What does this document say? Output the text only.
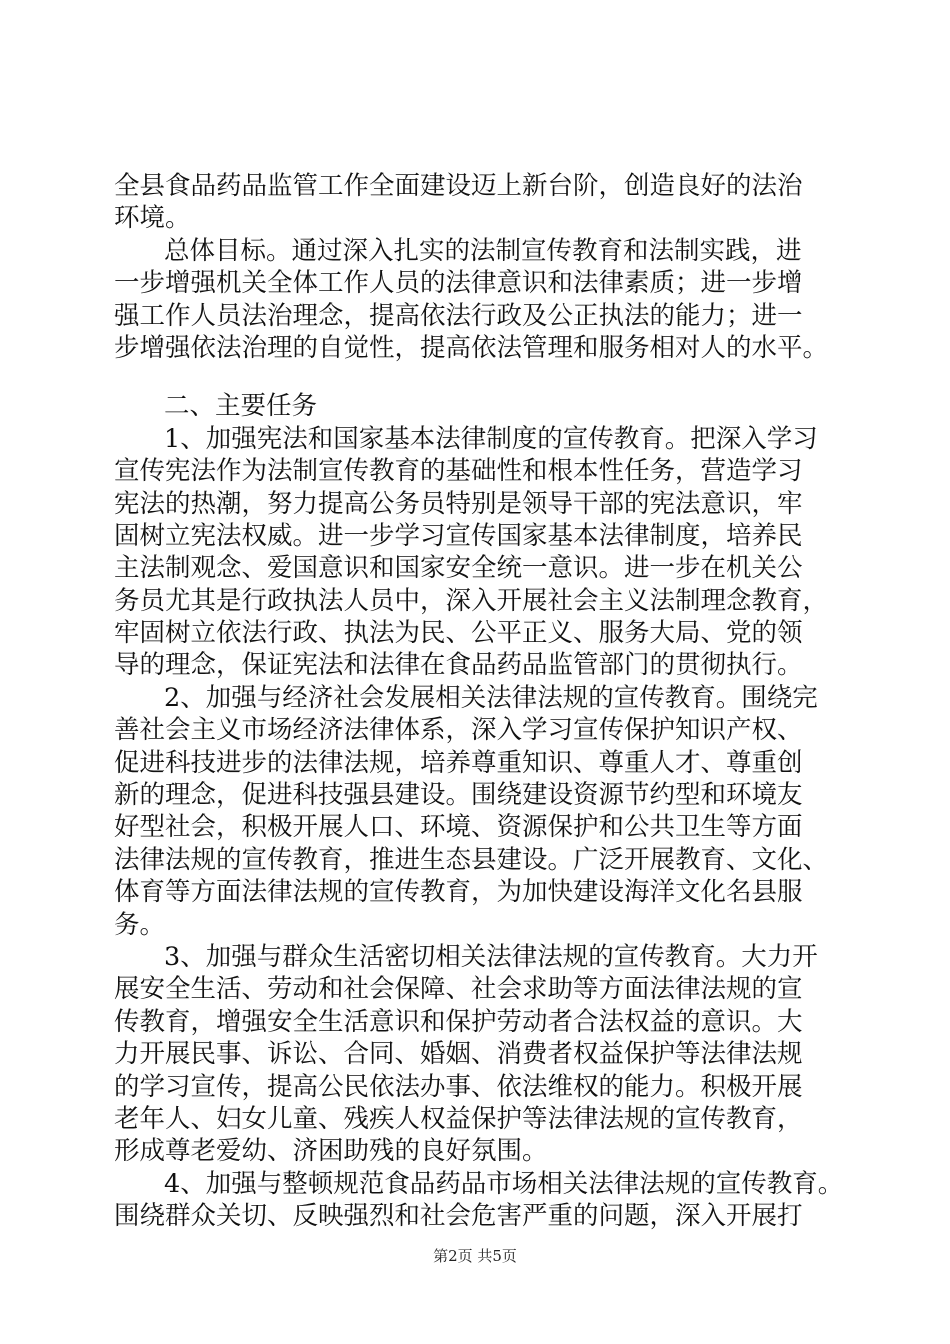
全县食品药品监管工作全面建设迈上新台阶，创造良好的法治
环境。
总体目标。通过深入扎实的法制宣传教育和法制实践，进
一步增强机关全体工作人员的法律意识和法律素质；进一步增
强工作人员法治理念，提高依法行政及公正执法的能力；进一
步增强依法治理的自觉性，提高依法管理和服务相对人的水平。
二、主要任务
1、加强宪法和国家基本法律制度的宣传教育。把深入学习
宣传宪法作为法制宣传教育的基础性和根本性任务，营造学习
宪法的热潮，努力提高公务员特别是领导干部的宪法意识，牢
固树立宪法权威。进一步学习宣传国家基本法律制度，培养民
主法制观念、爱国意识和国家安全统一意识。进一步在机关公
务员尤其是行政执法人员中，深入开展社会主义法制理念教育，
牢固树立依法行政、执法为民、公平正义、服务大局、党的领
导的理念，保证宪法和法律在食品药品监管部门的贯彻执行。
2、加强与经济社会发展相关法律法规的宣传教育。围绕完
善社会主义市场经济法律体系，深入学习宣传保护知识产权、
促进科技进步的法律法规，培养尊重知识、尊重人才、尊重创
新的理念，促进科技强县建设。围绕建设资源节约型和环境友
好型社会，积极开展人口、环境、资源保护和公共卫生等方面
法律法规的宣传教育，推进生态县建设。广泛开展教育、文化、
体育等方面法律法规的宣传教育，为加快建设海洋文化名县服
务。
3、加强与群众生活密切相关法律法规的宣传教育。大力开
展安全生活、劳动和社会保障、社会求助等方面法律法规的宣
传教育，增强安全生活意识和保护劳动者合法权益的意识。大
力开展民事、诉讼、合同、婚姻、消费者权益保护等法律法规
的学习宣传，提高公民依法办事、依法维权的能力。积极开展
老年人、妇女儿童、残疾人权益保护等法律法规的宣传教育，
形成尊老爱幼、济困助残的良好氛围。
4、加强与整顿规范食品药品市场相关法律法规的宣传教育。
围绕群众关切、反映强烈和社会危害严重的问题，深入开展打
第2页 共5页
